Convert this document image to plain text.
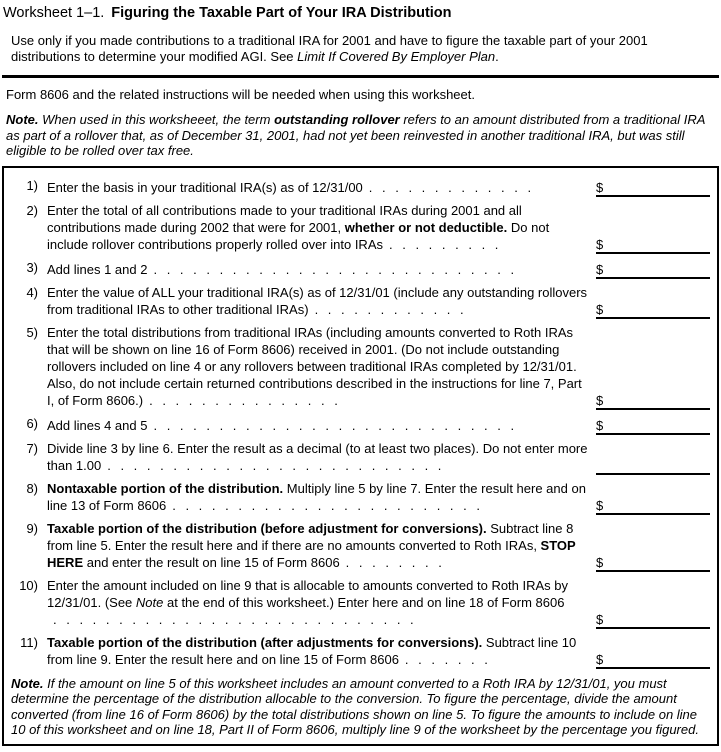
Worksheet 1–1. Figuring the Taxable Part of Your IRA Distribution
Use only if you made contributions to a traditional IRA for 2001 and have to figure the taxable part of your 2001 distributions to determine your modified AGI. See Limit If Covered By Employer Plan.
Form 8606 and the related instructions will be needed when using this worksheet.
Note. When used in this worksheeet, the term outstanding rollover refers to an amount distributed from a traditional IRA as part of a rollover that, as of December 31, 2001, had not yet been reinvested in another traditional IRA, but was still eligible to be rolled over tax free.
1) Enter the basis in your traditional IRA(s) as of 12/31/00 . . . . . . . . . . . . .	$
2) Enter the total of all contributions made to your traditional IRAs during 2001 and all contributions made during 2002 that were for 2001, whether or not deductible. Do not include rollover contributions properly rolled over into IRAs . . . . . . . . .	$
3) Add lines 1 and 2 . . . . . . . . . . . . . . . . . . . . . . . . . . . .	$
4) Enter the value of ALL your traditional IRA(s) as of 12/31/01 (include any outstanding rollovers from traditional IRAs to other traditional IRAs) . . . . . . . . . . . .	$
5) Enter the total distributions from traditional IRAs (including amounts converted to Roth IRAs that will be shown on line 16 of Form 8606) received in 2001. (Do not include outstanding rollovers included on line 4 or any rollovers between traditional IRAs completed by 12/31/01. Also, do not include certain returned contributions described in the instructions for line 7, Part I, of Form 8606.) . . . . . . . . . . . . . . .	$
6) Add lines 4 and 5 . . . . . . . . . . . . . . . . . . . . . . . . . . . .	$
7) Divide line 3 by line 6. Enter the result as a decimal (to at least two places). Do not enter more than 1.00 . . . . . . . . . . . . . . . . . . . . . . . . . .
8) Nontaxable portion of the distribution. Multiply line 5 by line 7. Enter the result here and on line 13 of Form 8606 . . . . . . . . . . . . . . . . . . . . . . . .	$
9) Taxable portion of the distribution (before adjustment for conversions). Subtract line 8 from line 5. Enter the result here and if there are no amounts converted to Roth IRAs, STOP HERE and enter the result on line 15 of Form 8606 . . . . . . . .	$
10) Enter the amount included on line 9 that is allocable to amounts converted to Roth IRAs by 12/31/01. (See Note at the end of this worksheet.) Enter here and on line 18 of Form 8606. . . . . . . . . . . . . . . . . . . . . . . . . . . .	$
11) Taxable portion of the distribution (after adjustments for conversions). Subtract line 10 from line 9. Enter the result here and on line 15 of Form 8606 . . . . . . .	$
Note. If the amount on line 5 of this worksheet includes an amount converted to a Roth IRA by 12/31/01, you must determine the percentage of the distribution allocable to the conversion. To figure the percentage, divide the amount converted (from line 16 of Form 8606) by the total distributions shown on line 5. To figure the amounts to include on line 10 of this worksheet and on line 18, Part II of Form 8606, multiply line 9 of the worksheet by the percentage you figured.
